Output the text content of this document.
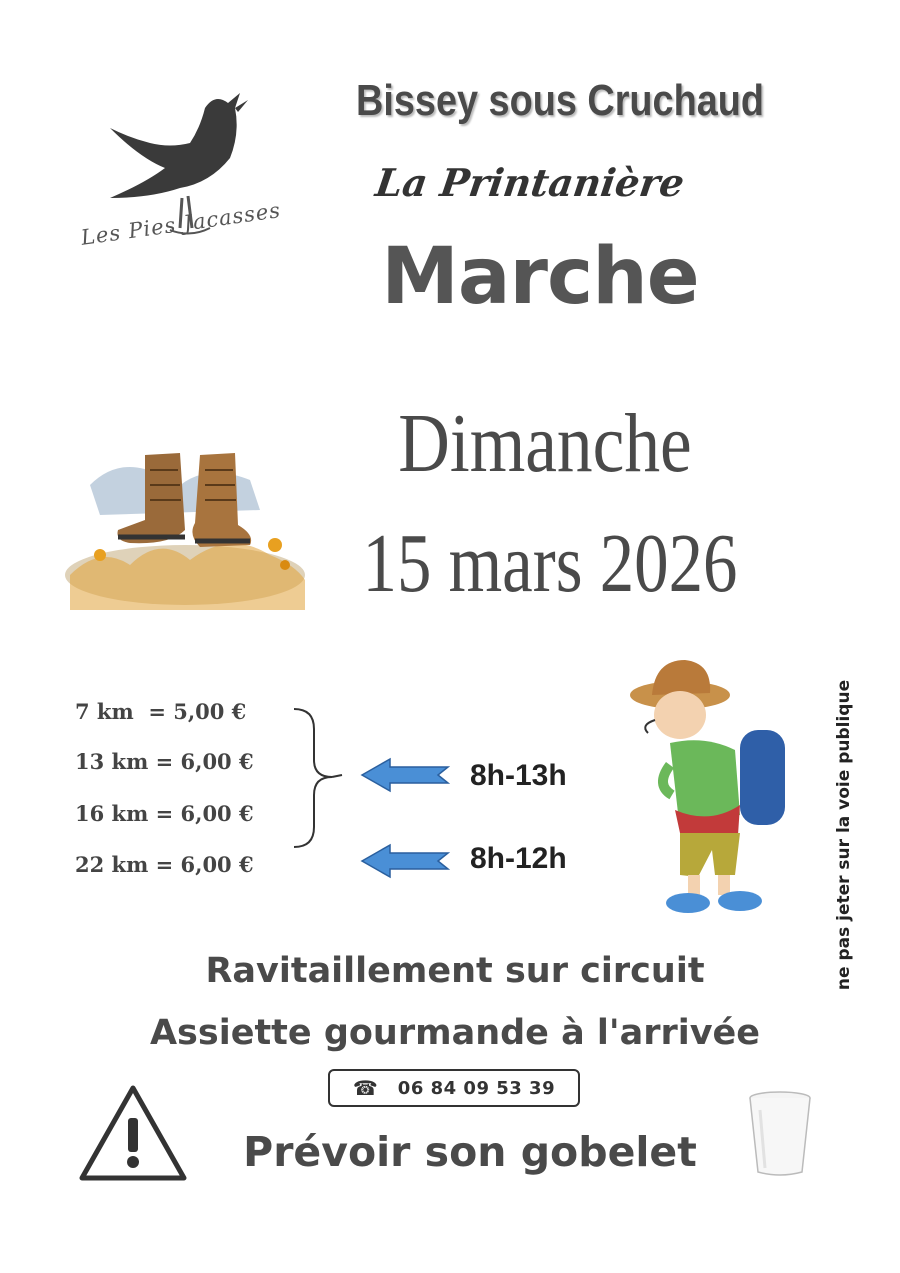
Les Pies Jacasses
Bissey sous Cruchaud
La Printanière
Marche
Dimanche
15 mars 2026
7 km  = 5,00 €
13 km = 6,00 €
16 km = 6,00 €
22 km = 6,00 €
8h-13h
8h-12h	ne pas jeter sur la voie publique
Ravitaillement sur circuit
Assiette gourmande à l'arrivée
☎ 06 84 09 53 39
Prévoir son gobelet
